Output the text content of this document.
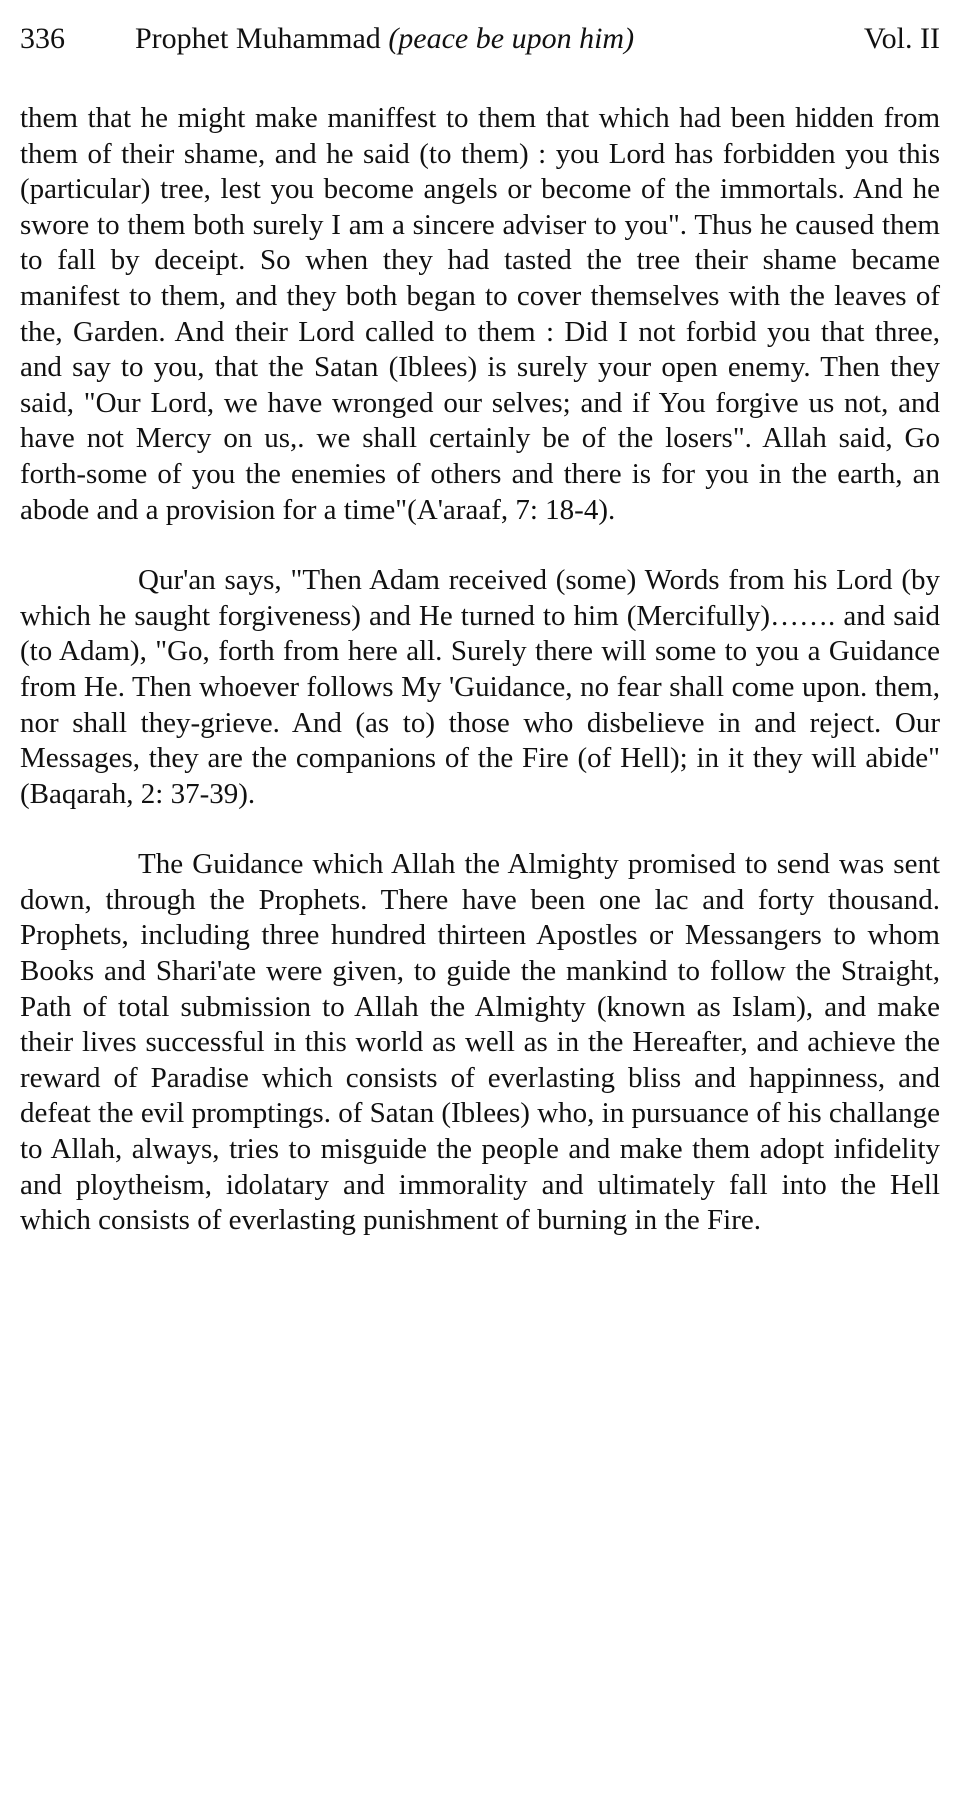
336 Prophet Muhammad (peace be upon him)	Vol. II

them that he might make maniffest to them that which had been hidden from them of their shame, and he said (to them) : you Lord has forbidden you this (particular) tree, lest you become angels or become of the immortals. And he swore to them both surely I am a sincere adviser to you". Thus he caused them to fall by deceipt. So when they had tasted the tree their shame became manifest to them, and they both began to cover themselves with the leaves of the, Garden. And their Lord called to them : Did I not forbid you that three, and say to you, that the Satan (Iblees) is surely your open enemy. Then they said, "Our Lord, we have wronged our selves; and if You forgive us not, and have not Mercy on us,. we shall certainly be of the losers". Allah said, Go forth-some of you the enemies of others and there is for you in the earth, an abode and a provision for a time"(A'araaf, 7: 18-4).

Qur'an says, "Then Adam received (some) Words from his Lord (by which he saught forgiveness) and He turned to him (Mercifully)……. and said (to Adam), "Go, forth from here all. Surely there will some to you a Guidance from He. Then whoever follows My 'Guidance, no fear shall come upon. them, nor shall they-grieve. And (as to) those who disbelieve in and reject. Our Messages, they are the companions of the Fire (of Hell); in it they will abide" (Baqarah, 2: 37-39).

The Guidance which Allah the Almighty promised to send was sent down, through the Prophets. There have been one lac and forty thousand. Prophets, including three hundred thirteen Apostles or Messangers to whom Books and Shari'ate were given, to guide the mankind to follow the Straight, Path of total submission to Allah the Almighty (known as Islam), and make their lives successful in this world as well as in the Hereafter, and achieve the reward of Paradise which consists of everlasting bliss and happinness, and defeat the evil promptings. of Satan (Iblees) who, in pursuance of his challange to Allah, always, tries to misguide the people and make them adopt infidelity and ploytheism, idolatary and immorality and ultimately fall into the Hell which consists of everlasting punishment of burning in the Fire.
